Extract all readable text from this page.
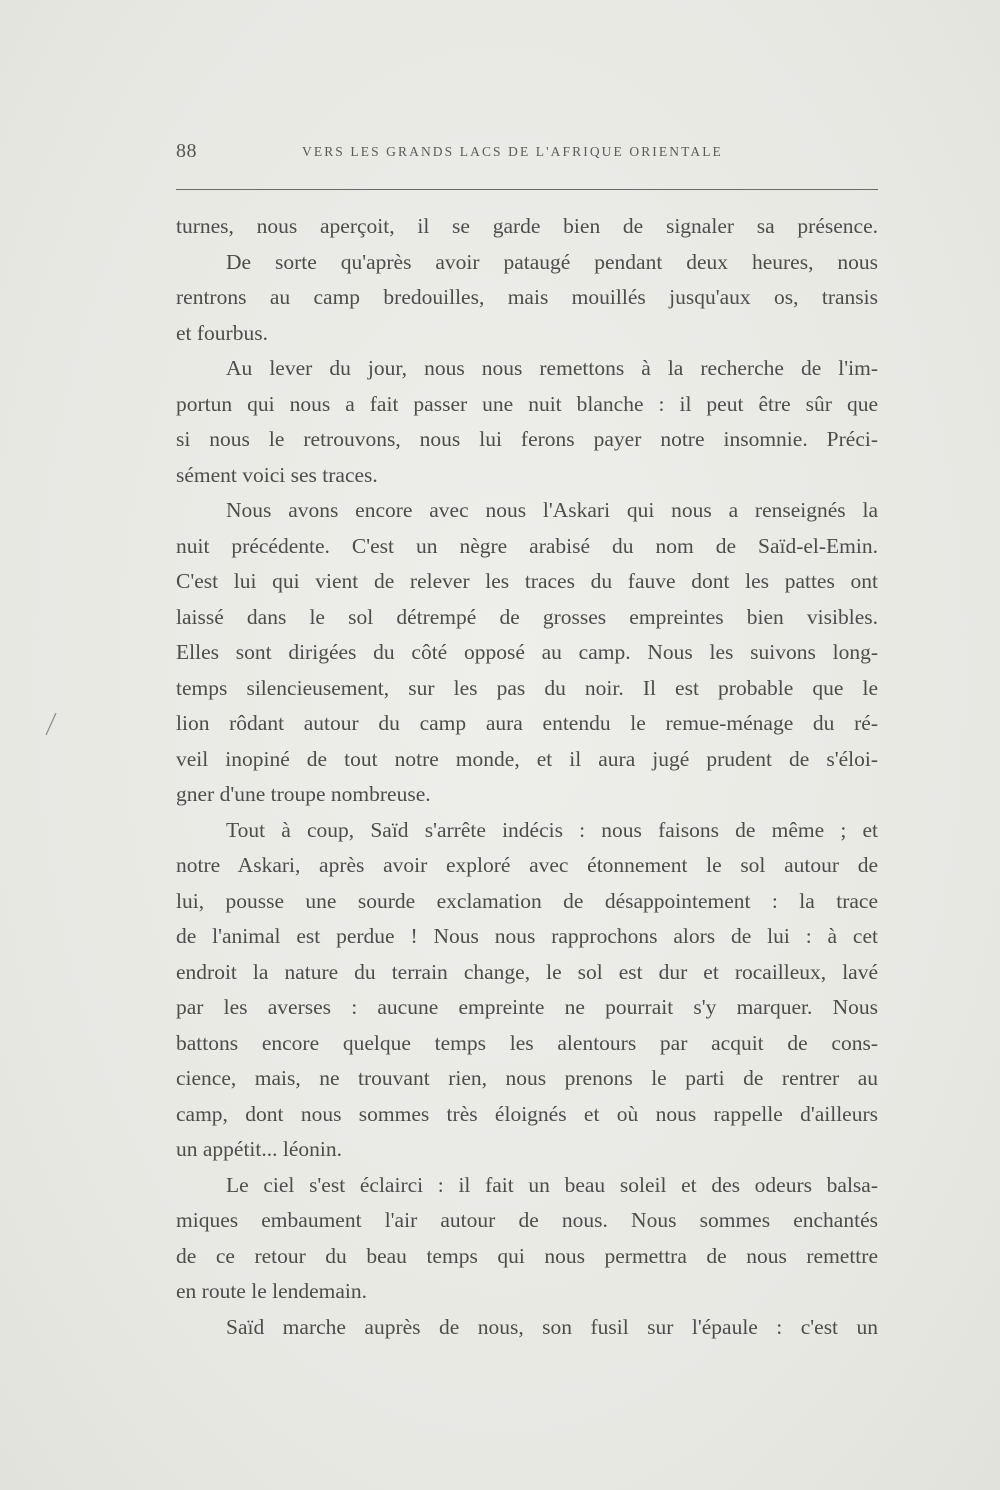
88	VERS LES GRANDS LACS DE L'AFRIQUE ORIENTALE
turnes, nous aperçoit, il se garde bien de signaler sa présence.
De sorte qu'après avoir pataugé pendant deux heures, nous
rentrons au camp bredouilles, mais mouillés jusqu'aux os, transis
et fourbus.
Au lever du jour, nous nous remettons à la recherche de l'im-
portun qui nous a fait passer une nuit blanche : il peut être sûr que
si nous le retrouvons, nous lui ferons payer notre insomnie. Préci-
sément voici ses traces.
Nous avons encore avec nous l'Askari qui nous a renseignés la
nuit précédente. C'est un nègre arabisé du nom de Saïd-el-Emin.
C'est lui qui vient de relever les traces du fauve dont les pattes ont
laissé dans le sol détrempé de grosses empreintes bien visibles.
Elles sont dirigées du côté opposé au camp. Nous les suivons long-
temps silencieusement, sur les pas du noir. Il est probable que le
lion rôdant autour du camp aura entendu le remue-ménage du ré-
veil inopiné de tout notre monde, et il aura jugé prudent de s'éloi-
gner d'une troupe nombreuse.
Tout à coup, Saïd s'arrête indécis : nous faisons de même ; et
notre Askari, après avoir exploré avec étonnement le sol autour de
lui, pousse une sourde exclamation de désappointement : la trace
de l'animal est perdue ! Nous nous rapprochons alors de lui : à cet
endroit la nature du terrain change, le sol est dur et rocailleux, lavé
par les averses : aucune empreinte ne pourrait s'y marquer. Nous
battons encore quelque temps les alentours par acquit de cons-
cience, mais, ne trouvant rien, nous prenons le parti de rentrer au
camp, dont nous sommes très éloignés et où nous rappelle d'ailleurs
un appétit... léonin.
Le ciel s'est éclairci : il fait un beau soleil et des odeurs balsa-
miques embaument l'air autour de nous. Nous sommes enchantés
de ce retour du beau temps qui nous permettra de nous remettre
en route le lendemain.
Saïd marche auprès de nous, son fusil sur l'épaule : c'est un
